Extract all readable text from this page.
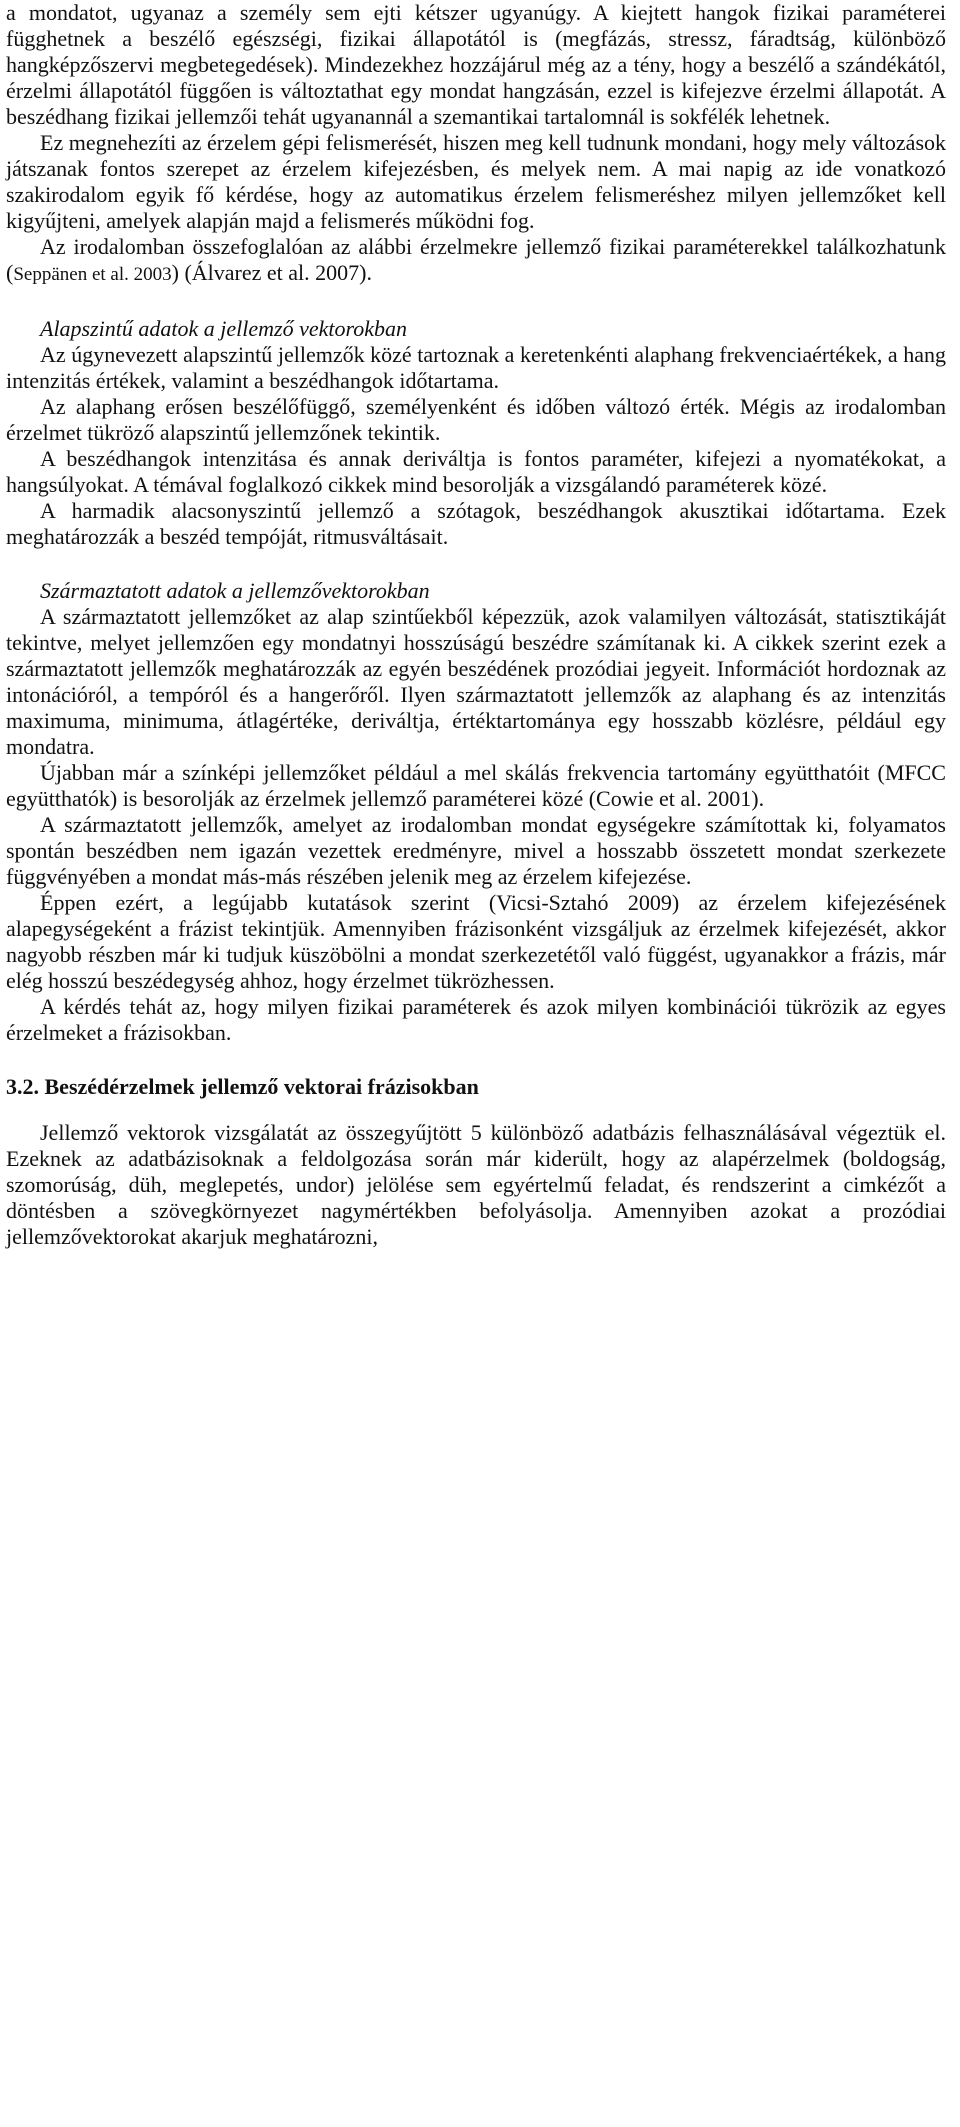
a mondatot, ugyanaz a személy sem ejti kétszer ugyanúgy. A kiejtett hangok fizikai paraméterei függhetnek a beszélő egészségi, fizikai állapotától is (megfázás, stressz, fáradtság, különböző hangképzőszervi megbetegedések). Mindezekhez hozzájárul még az a tény, hogy a beszélő a szándékától, érzelmi állapotától függően is változtathat egy mondat hangzásán, ezzel is kifejezve érzelmi állapotát. A beszédhang fizikai jellemzői tehát ugyanannál a szemantikai tartalomnál is sokfélék lehetnek.

Ez megnehezíti az érzelem gépi felismerését, hiszen meg kell tudnunk mondani, hogy mely változások játszanak fontos szerepet az érzelem kifejezésben, és melyek nem. A mai napig az ide vonatkozó szakirodalom egyik fő kérdése, hogy az automatikus érzelem felismeréshez milyen jellemzőket kell kigyűjteni, amelyek alapján majd a felismerés működni fog.

Az irodalomban összefoglalóan az alábbi érzelmekre jellemző fizikai paraméterekkel találkozhatunk (Seppänen et al. 2003) (Álvarez et al. 2007).

Alapszintű adatok a jellemző vektorokban

Az úgynevezett alapszintű jellemzők közé tartoznak a keretenkénti alaphang frekvenciaértékek, a hang intenzitás értékek, valamint a beszédhangok időtartama.

Az alaphang erősen beszélőfüggő, személyenként és időben változó érték. Mégis az irodalomban érzelmet tükröző alapszintű jellemzőnek tekintik.

A beszédhangok intenzitása és annak deriváltja is fontos paraméter, kifejezi a nyomatékokat, a hangsúlyokat. A témával foglalkozó cikkek mind besorolják a vizsgálandó paraméterek közé.

A harmadik alacsonyszintű jellemző a szótagok, beszédhangok akusztikai időtartama. Ezek meghatározzák a beszéd tempóját, ritmusváltásait.

Származtatott adatok a jellemzővektorokban

A származtatott jellemzőket az alap szintűekből képezzük, azok valamilyen változását, statisztikáját tekintve, melyet jellemzően egy mondatnyi hosszúságú beszédre számítanak ki. A cikkek szerint ezek a származtatott jellemzők meghatározzák az egyén beszédének prozódiai jegyeit. Információt hordoznak az intonációról, a tempóról és a hangerőről. Ilyen származtatott jellemzők az alaphang és az intenzitás maximuma, minimuma, átlagértéke, deriváltja, értéktartománya egy hosszabb közlésre, például egy mondatra.

Újabban már a színképi jellemzőket például a mel skálás frekvencia tartomány együtthatóit (MFCC együtthatók) is besorolják az érzelmek jellemző paraméterei közé (Cowie et al. 2001).

A származtatott jellemzők, amelyet az irodalomban mondat egységekre számítottak ki, folyamatos spontán beszédben nem igazán vezettek eredményre, mivel a hosszabb összetett mondat szerkezete függvényében a mondat más-más részében jelenik meg az érzelem kifejezése.

Éppen ezért, a legújabb kutatások szerint (Vicsi-Sztahó 2009) az érzelem kifejezésének alapegységeként a frázist tekintjük. Amennyiben frázisonként vizsgáljuk az érzelmek kifejezését, akkor nagyobb részben már ki tudjuk küszöbölni a mondat szerkezetétől való függést, ugyanakkor a frázis, már elég hosszú beszédegység ahhoz, hogy érzelmet tükrözhessen.

A kérdés tehát az, hogy milyen fizikai paraméterek és azok milyen kombinációi tükrözik az egyes érzelmeket a frázisokban.

3.2. Beszédérzelmek jellemző vektorai frázisokban

Jellemző vektorok vizsgálatát az összegyűjtött 5 különböző adatbázis felhasználásával végeztük el. Ezeknek az adatbázisoknak a feldolgozása során már kiderült, hogy az alapérzelmek (boldogság, szomorúság, düh, meglepetés, undor) jelölése sem egyértelmű feladat, és rendszerint a cimkézőt a döntésben a szövegkörnyezet nagymértékben befolyásolja. Amennyiben azokat a prozódiai jellemzővektorokat akarjuk meghatározni,
